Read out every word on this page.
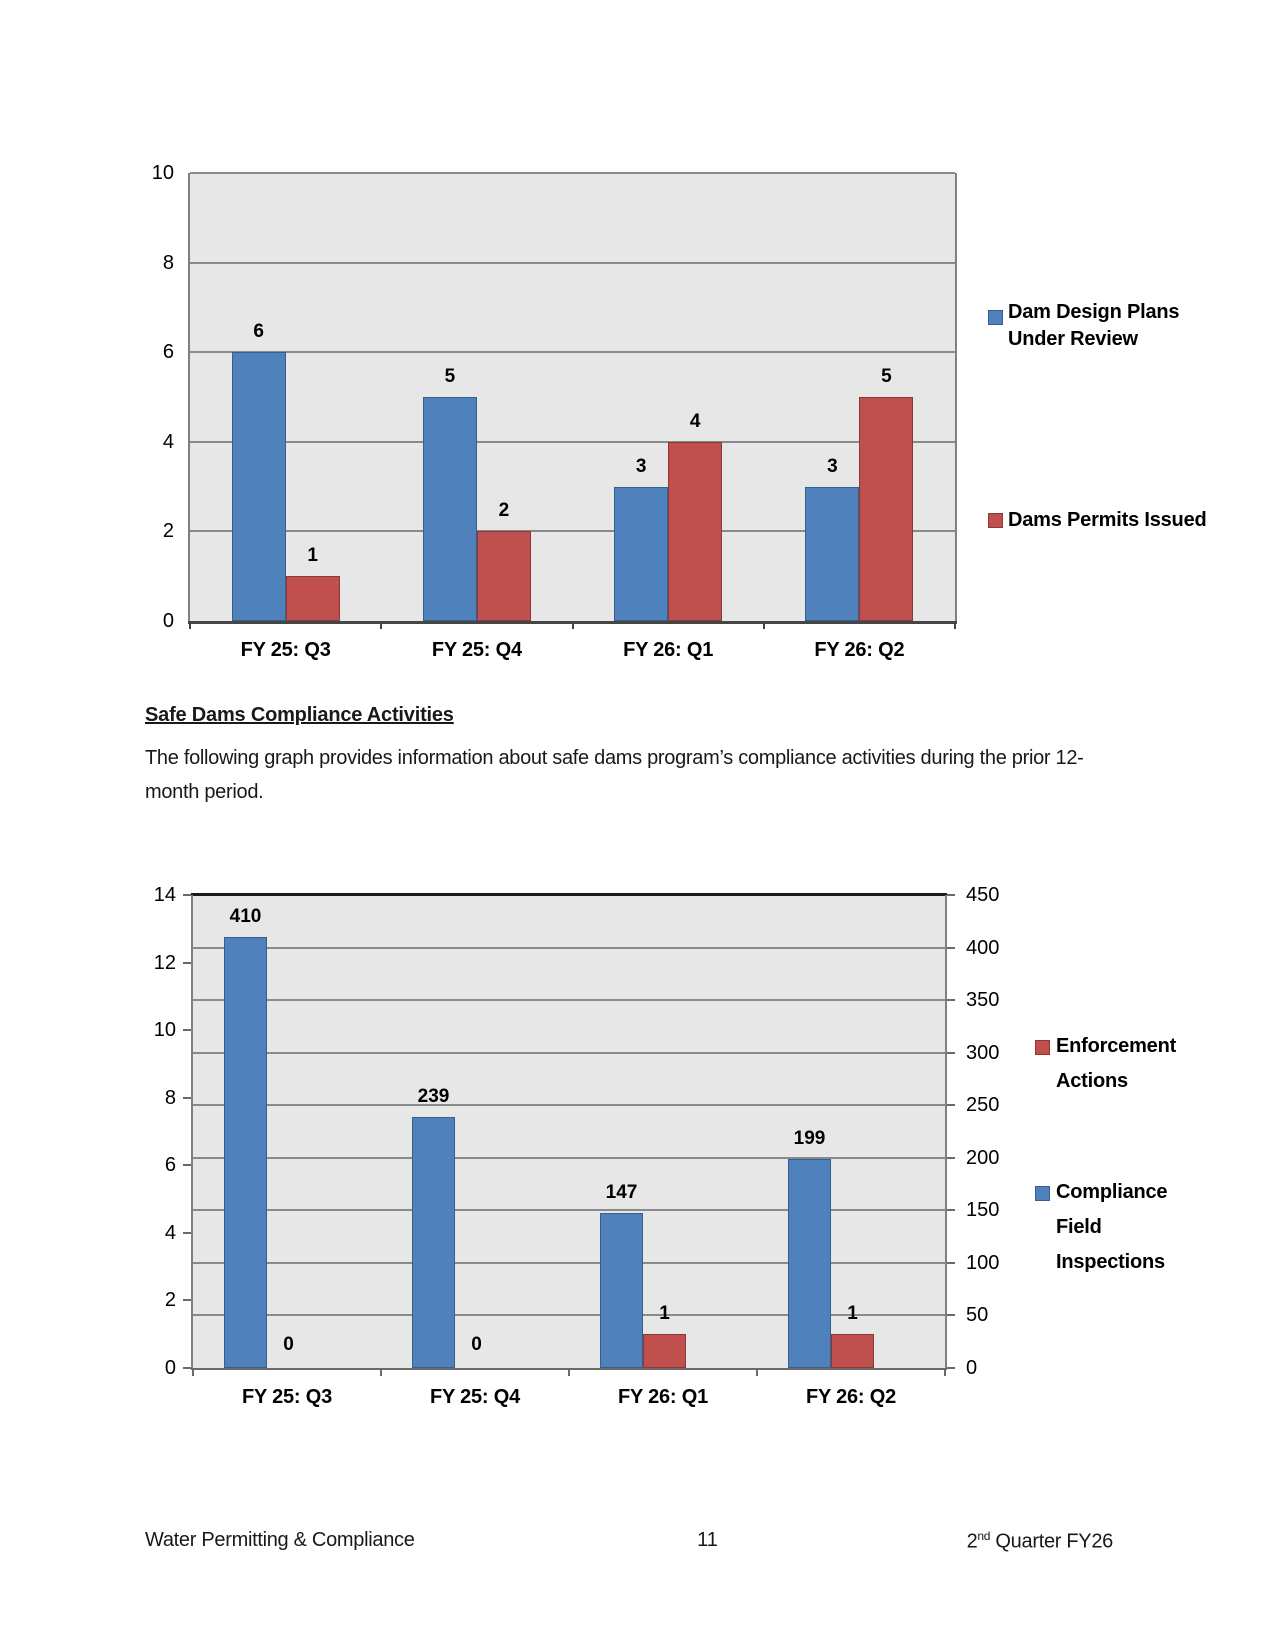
0
2
4
6
8
10
6
1
FY 25: Q3
5
2
FY 25: Q4
3
4
FY 26: Q1
3
5
FY 26: Q2
Dam Design Plans Under Review
Dams Permits Issued
Safe Dams Compliance Activities
The following graph provides information about safe dams program’s compliance activities during the prior 12-month period.
0
2
4
6
8
10
12
14
0
50
100
150
200
250
300
350
400
450
410
0
FY 25: Q3
239
0
FY 25: Q4
147
1
FY 26: Q1
199
1
FY 26: Q2
Enforcement Actions
Compliance Field Inspections
Water Permitting & Compliance	11	2nd Quarter FY26
